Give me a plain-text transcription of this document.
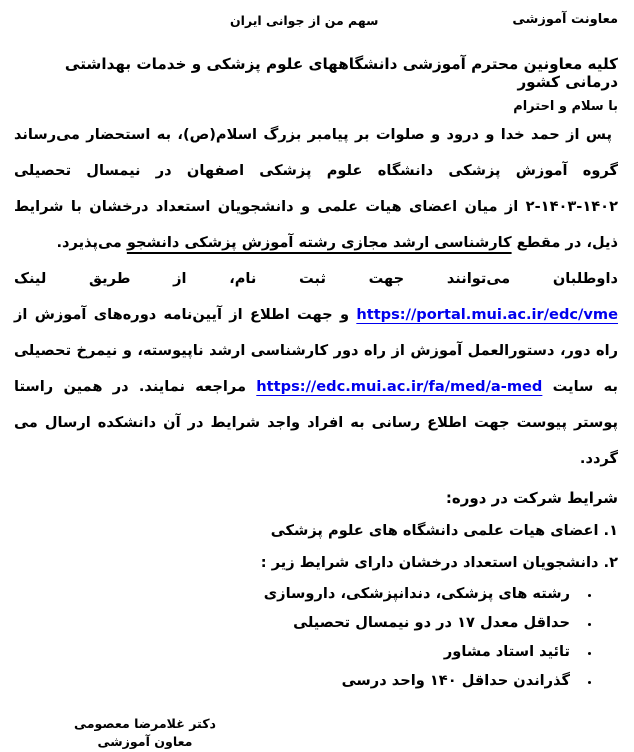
سهم من از جوانی ایران	معاونت آموزشی
کلیه معاونین محترم آموزشی دانشگاههای علوم پزشکی و خدمات بهداشتی درمانی کشور
با سلام و احترام

پس از حمد خدا و درود و صلوات بر پیامبر بزرگ اسلام(ص)، به استحضار می‌رساند گروه آموزش پزشکی دانشگاه علوم پزشکی اصفهان در نیمسال تحصیلی ۱۴۰۲-۱۴۰۳-۲ از میان اعضای هیات علمی و دانشجویان استعداد درخشان با شرایط ذیل، در مقطع کارشناسی ارشد مجازی رشته آموزش پزشکی دانشجو می‌پذیرد.

داوطلبان می‌توانند جهت ثبت نام، از طریق لینک https://portal.mui.ac.ir/edc/vme و جهت اطلاع از آیین‌نامه دوره‌های آموزش از راه دور، دستورالعمل آموزش از راه دور کارشناسی ارشد ناپیوسته، و نیمرخ تحصیلی به سایت https://edc.mui.ac.ir/fa/med/a-med مراجعه نمایند. در همین راستا پوستر پیوست جهت اطلاع رسانی به افراد واجد شرایط در آن دانشکده ارسال می گردد.

شرایط شرکت در دوره:
۱. اعضای هیات علمی دانشگاه های علوم پزشکی
۲. دانشجویان استعداد درخشان دارای شرایط زیر :
• رشته های پزشکی، دندانپزشکی، داروسازی
• حداقل معدل ۱۷ در دو نیمسال تحصیلی
• تائید استاد مشاور
• گذراندن حداقل ۱۴۰ واحد درسی
دکتر غلامرضا معصومی
معاون آموزشی
